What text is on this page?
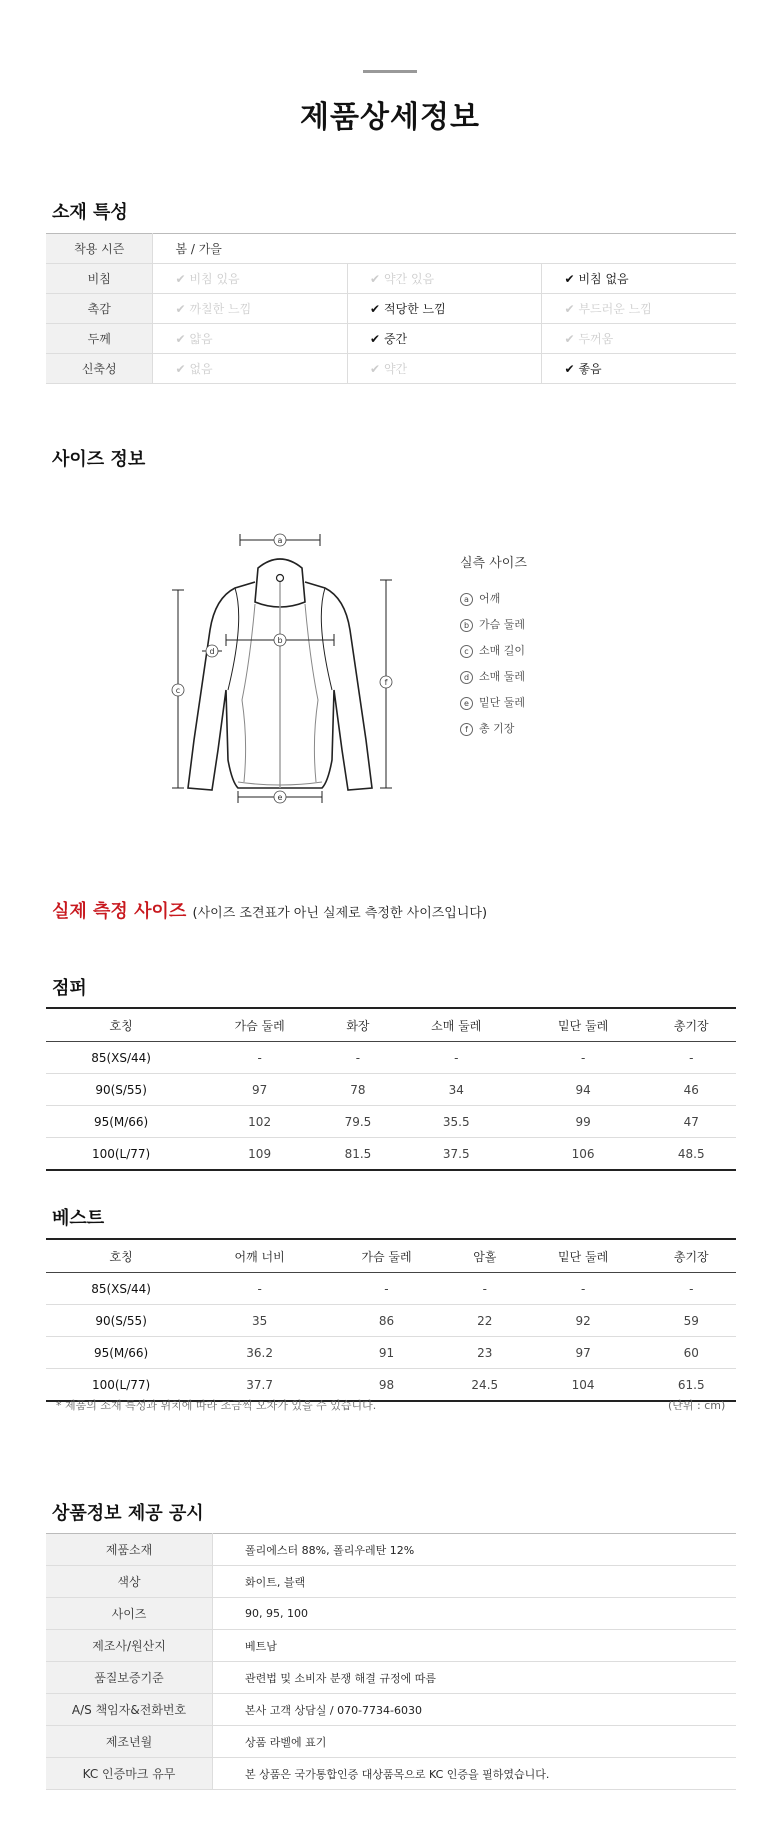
제품상세정보
소재 특성
착용 시즌	봄 / 가을		
비침	✔ 비침 있음	✔ 약간 있음	✔ 비침 없음
촉감	✔ 까칠한 느낌	✔ 적당한 느낌	✔ 부드러운 느낌
두께	✔ 얇음	✔ 중간	✔ 두꺼움
신축성	✔ 없음	✔ 약간	✔ 좋음
사이즈 정보
a
b
c
d
e
f
실측 사이즈
a 어깨
b 가슴 둘레
c 소매 길이
d 소매 둘레
e 밑단 둘레
f 총 기장
실제 측정 사이즈 (사이즈 조견표가 아닌 실제로 측정한 사이즈입니다)
점퍼
호칭	가슴 둘레	화장	소매 둘레	밑단 둘레	총기장
85(XS/44)	-	-	-	-	-
90(S/55)	97	78	34	94	46
95(M/66)	102	79.5	35.5	99	47
100(L/77)	109	81.5	37.5	106	48.5
베스트
호칭	어깨 너비	가슴 둘레	암홀	밑단 둘레	총기장
85(XS/44)	-	-	-	-	-
90(S/55)	35	86	22	92	59
95(M/66)	36.2	91	23	97	60
100(L/77)	37.7	98	24.5	104	61.5
* 제품의 소재 특성과 위치에 따라 조금씩 오차가 있을 수 있습니다.	(단위 : cm)
상품정보 제공 공시
제품소재	폴리에스터 88%, 폴리우레탄 12%
색상	화이트, 블랙
사이즈	90, 95, 100
제조사/원산지	베트남
품질보증기준	관련법 및 소비자 분쟁 해결 규정에 따름
A/S 책임자&전화번호	본사 고객 상담실 / 070-7734-6030
제조년월	상품 라벨에 표기
KC 인증마크 유무	본 상품은 국가통합인증 대상품목으로 KC 인증을 필하였습니다.
